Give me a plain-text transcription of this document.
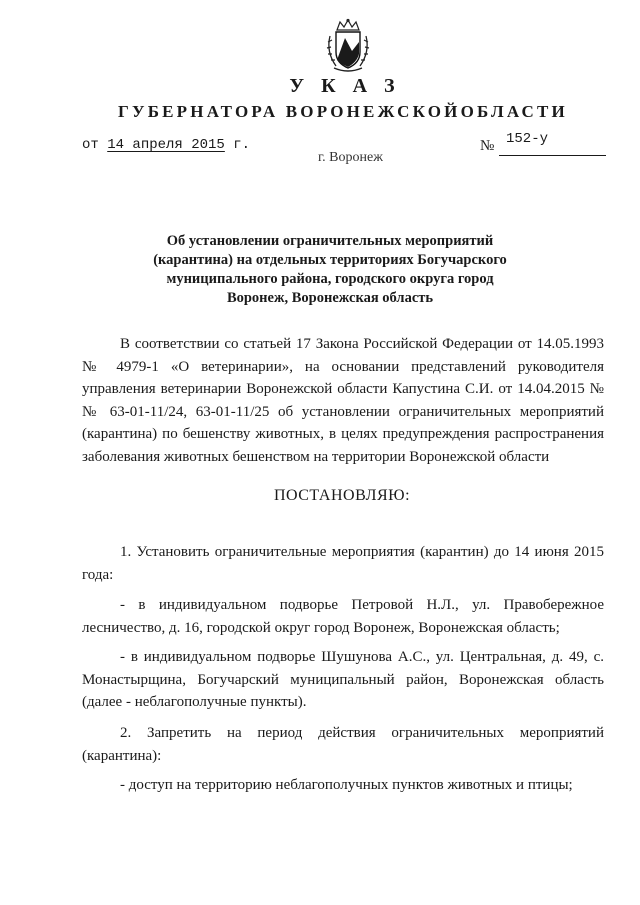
У К А З
ГУБЕРНАТОРА ВОРОНЕЖСКОЙОБЛАСТИ
от 14 апреля 2015 г.	№ 152-у
г. Воронеж
Об установлении ограничительных мероприятий (карантина) на отдельных территориях Богучарского муниципального района, городского округа город Воронеж, Воронежская область
В соответствии со статьей 17 Закона Российской Федерации от 14.05.1993 № 4979-1 «О ветеринарии», на основании представлений руководителя управления ветеринарии Воронежской области Капустина С.И. от 14.04.2015 №№ 63-01-11/24, 63-01-11/25 об установлении ограничительных мероприятий (карантина) по бешенству животных, в целях предупреждения распространения заболевания животных бешенством на территории Воронежской области
ПОСТАНОВЛЯЮ:
1. Установить ограничительные мероприятия (карантин) до 14 июня 2015 года:
- в индивидуальном подворье Петровой Н.Л., ул. Правобережное лесничество, д. 16, городской округ город Воронеж, Воронежская область;
- в индивидуальном подворье Шушунова А.С., ул. Центральная, д. 49, с. Монастырщина, Богучарский муниципальный район, Воронежская область (далее - неблагополучные пункты).
2. Запретить на период действия ограничительных мероприятий (карантина):
- доступ на территорию неблагополучных пунктов животных и птицы;
